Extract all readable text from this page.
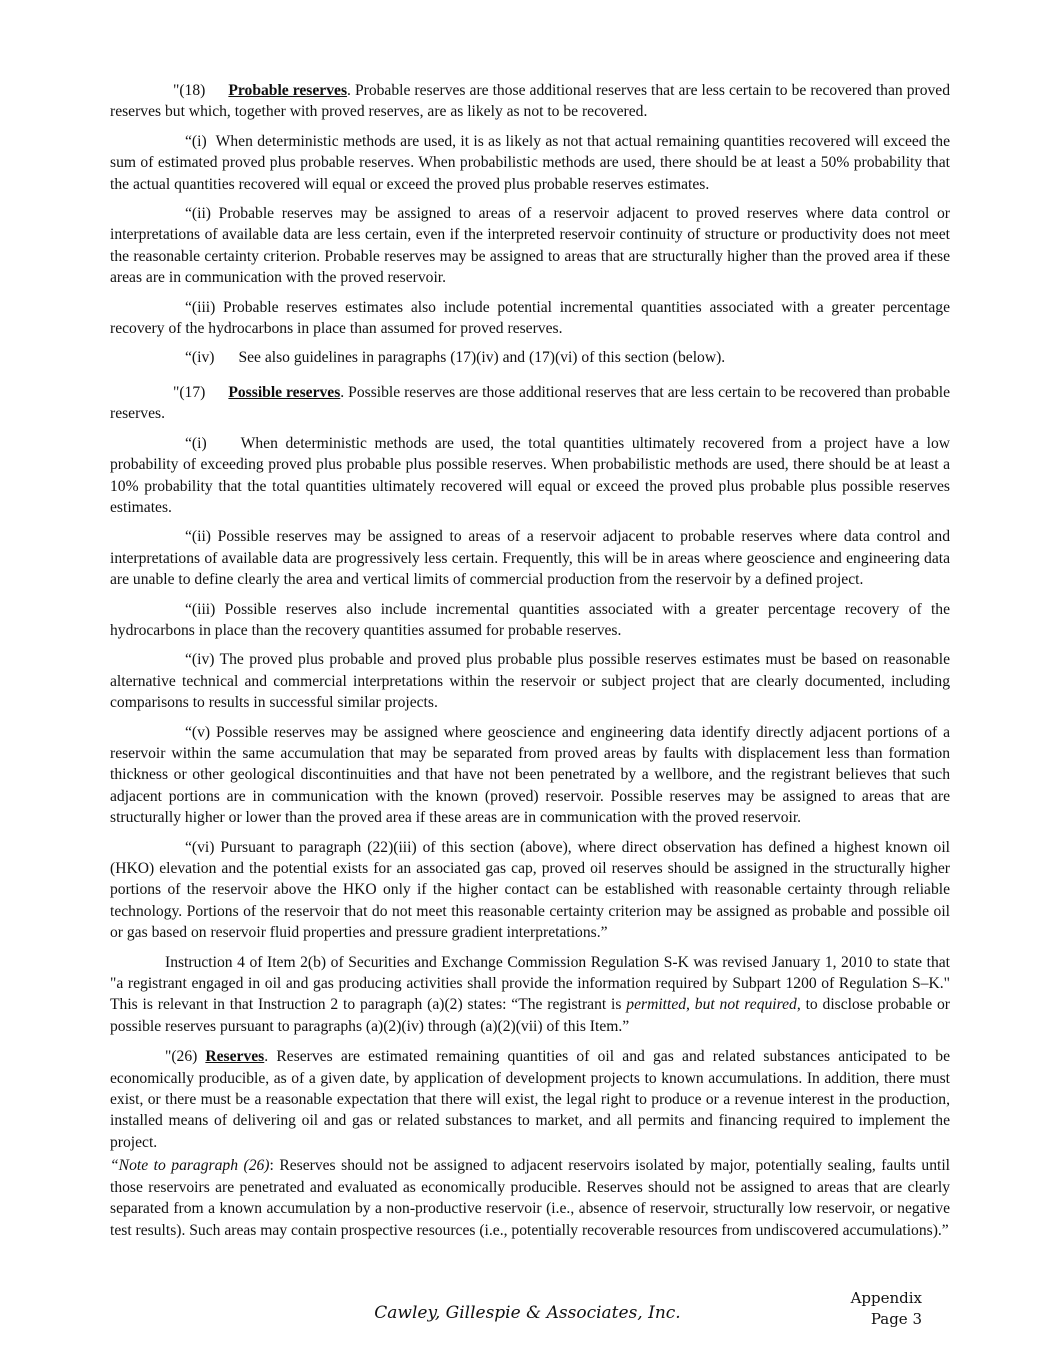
"(18) Probable reserves. Probable reserves are those additional reserves that are less certain to be recovered than proved reserves but which, together with proved reserves, are as likely as not to be recovered.

“(i) When deterministic methods are used, it is as likely as not that actual remaining quantities recovered will exceed the sum of estimated proved plus probable reserves. When probabilistic methods are used, there should be at least a 50% probability that the actual quantities recovered will equal or exceed the proved plus probable reserves estimates.

“(ii) Probable reserves may be assigned to areas of a reservoir adjacent to proved reserves where data control or interpretations of available data are less certain, even if the interpreted reservoir continuity of structure or productivity does not meet the reasonable certainty criterion. Probable reserves may be assigned to areas that are structurally higher than the proved area if these areas are in communication with the proved reservoir.

“(iii) Probable reserves estimates also include potential incremental quantities associated with a greater percentage recovery of the hydrocarbons in place than assumed for proved reserves.

“(iv) See also guidelines in paragraphs (17)(iv) and (17)(vi) of this section (below).

"(17) Possible reserves. Possible reserves are those additional reserves that are less certain to be recovered than probable reserves.

“(i) When deterministic methods are used, the total quantities ultimately recovered from a project have a low probability of exceeding proved plus probable plus possible reserves. When probabilistic methods are used, there should be at least a 10% probability that the total quantities ultimately recovered will equal or exceed the proved plus probable plus possible reserves estimates.

“(ii) Possible reserves may be assigned to areas of a reservoir adjacent to probable reserves where data control and interpretations of available data are progressively less certain. Frequently, this will be in areas where geoscience and engineering data are unable to define clearly the area and vertical limits of commercial production from the reservoir by a defined project.

“(iii) Possible reserves also include incremental quantities associated with a greater percentage recovery of the hydrocarbons in place than the recovery quantities assumed for probable reserves.

“(iv) The proved plus probable and proved plus probable plus possible reserves estimates must be based on reasonable alternative technical and commercial interpretations within the reservoir or subject project that are clearly documented, including comparisons to results in successful similar projects.

“(v) Possible reserves may be assigned where geoscience and engineering data identify directly adjacent portions of a reservoir within the same accumulation that may be separated from proved areas by faults with displacement less than formation thickness or other geological discontinuities and that have not been penetrated by a wellbore, and the registrant believes that such adjacent portions are in communication with the known (proved) reservoir. Possible reserves may be assigned to areas that are structurally higher or lower than the proved area if these areas are in communication with the proved reservoir.

“(vi) Pursuant to paragraph (22)(iii) of this section (above), where direct observation has defined a highest known oil (HKO) elevation and the potential exists for an associated gas cap, proved oil reserves should be assigned in the structurally higher portions of the reservoir above the HKO only if the higher contact can be established with reasonable certainty through reliable technology. Portions of the reservoir that do not meet this reasonable certainty criterion may be assigned as probable and possible oil or gas based on reservoir fluid properties and pressure gradient interpretations.”

Instruction 4 of Item 2(b) of Securities and Exchange Commission Regulation S-K was revised January 1, 2010 to state that "a registrant engaged in oil and gas producing activities shall provide the information required by Subpart 1200 of Regulation S–K." This is relevant in that Instruction 2 to paragraph (a)(2) states: “The registrant is permitted, but not required, to disclose probable or possible reserves pursuant to paragraphs (a)(2)(iv) through (a)(2)(vii) of this Item.”

"(26) Reserves. Reserves are estimated remaining quantities of oil and gas and related substances anticipated to be economically producible, as of a given date, by application of development projects to known accumulations. In addition, there must exist, or there must be a reasonable expectation that there will exist, the legal right to produce or a revenue interest in the production, installed means of delivering oil and gas or related substances to market, and all permits and financing required to implement the project.

“Note to paragraph (26): Reserves should not be assigned to adjacent reservoirs isolated by major, potentially sealing, faults until those reservoirs are penetrated and evaluated as economically producible. Reserves should not be assigned to areas that are clearly separated from a known accumulation by a non-productive reservoir (i.e., absence of reservoir, structurally low reservoir, or negative test results). Such areas may contain prospective resources (i.e., potentially recoverable resources from undiscovered accumulations).”

Cawley, Gillespie & Associates, Inc.
Appendix
Page 3
